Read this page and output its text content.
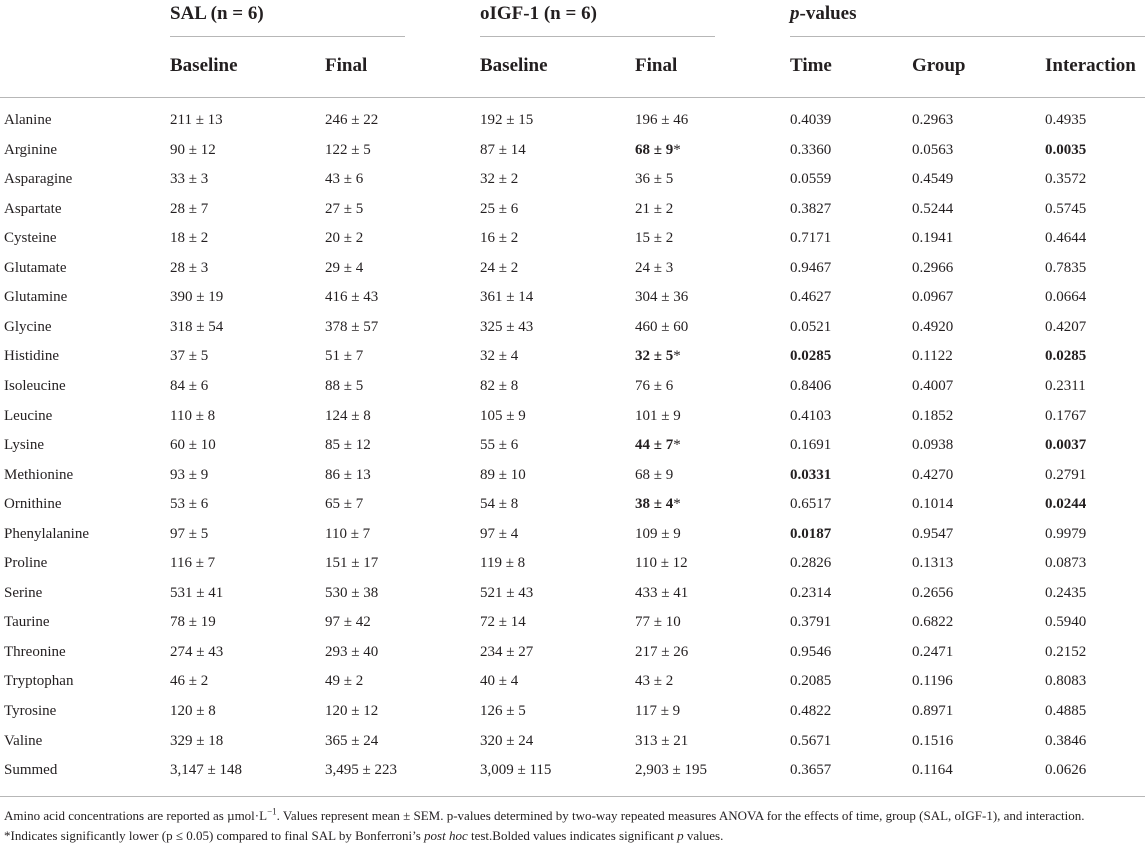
SAL (n = 6)	oIGF-1 (n = 6)	p-values
Baseline	Final	Baseline	Final	Time	Group	Interaction
Alanine	211 ± 13	246 ± 22	192 ± 15	196 ± 46	0.4039	0.2963	0.4935
Arginine	90 ± 12	122 ± 5	87 ± 14	68 ± 9*	0.3360	0.0563	0.0035
Asparagine	33 ± 3	43 ± 6	32 ± 2	36 ± 5	0.0559	0.4549	0.3572
Aspartate	28 ± 7	27 ± 5	25 ± 6	21 ± 2	0.3827	0.5244	0.5745
Cysteine	18 ± 2	20 ± 2	16 ± 2	15 ± 2	0.7171	0.1941	0.4644
Glutamate	28 ± 3	29 ± 4	24 ± 2	24 ± 3	0.9467	0.2966	0.7835
Glutamine	390 ± 19	416 ± 43	361 ± 14	304 ± 36	0.4627	0.0967	0.0664
Glycine	318 ± 54	378 ± 57	325 ± 43	460 ± 60	0.0521	0.4920	0.4207
Histidine	37 ± 5	51 ± 7	32 ± 4	32 ± 5*	0.0285	0.1122	0.0285
Isoleucine	84 ± 6	88 ± 5	82 ± 8	76 ± 6	0.8406	0.4007	0.2311
Leucine	110 ± 8	124 ± 8	105 ± 9	101 ± 9	0.4103	0.1852	0.1767
Lysine	60 ± 10	85 ± 12	55 ± 6	44 ± 7*	0.1691	0.0938	0.0037
Methionine	93 ± 9	86 ± 13	89 ± 10	68 ± 9	0.0331	0.4270	0.2791
Ornithine	53 ± 6	65 ± 7	54 ± 8	38 ± 4*	0.6517	0.1014	0.0244
Phenylalanine	97 ± 5	110 ± 7	97 ± 4	109 ± 9	0.0187	0.9547	0.9979
Proline	116 ± 7	151 ± 17	119 ± 8	110 ± 12	0.2826	0.1313	0.0873
Serine	531 ± 41	530 ± 38	521 ± 43	433 ± 41	0.2314	0.2656	0.2435
Taurine	78 ± 19	97 ± 42	72 ± 14	77 ± 10	0.3791	0.6822	0.5940
Threonine	274 ± 43	293 ± 40	234 ± 27	217 ± 26	0.9546	0.2471	0.2152
Tryptophan	46 ± 2	49 ± 2	40 ± 4	43 ± 2	0.2085	0.1196	0.8083
Tyrosine	120 ± 8	120 ± 12	126 ± 5	117 ± 9	0.4822	0.8971	0.4885
Valine	329 ± 18	365 ± 24	320 ± 24	313 ± 21	0.5671	0.1516	0.3846
Summed	3,147 ± 148	3,495 ± 223	3,009 ± 115	2,903 ± 195	0.3657	0.1164	0.0626
Amino acid concentrations are reported as $\mu mol\cdot L^{-1}$. Values represent mean ± SEM. p-values determined by two-way repeated measures ANOVA for the effects of time, group (SAL, oIGF-1), and interaction. *Indicates significantly lower (p ≤ 0.05) compared to final SAL by Bonferroni’s post hoc test.Bolded values indicates significant p values.
